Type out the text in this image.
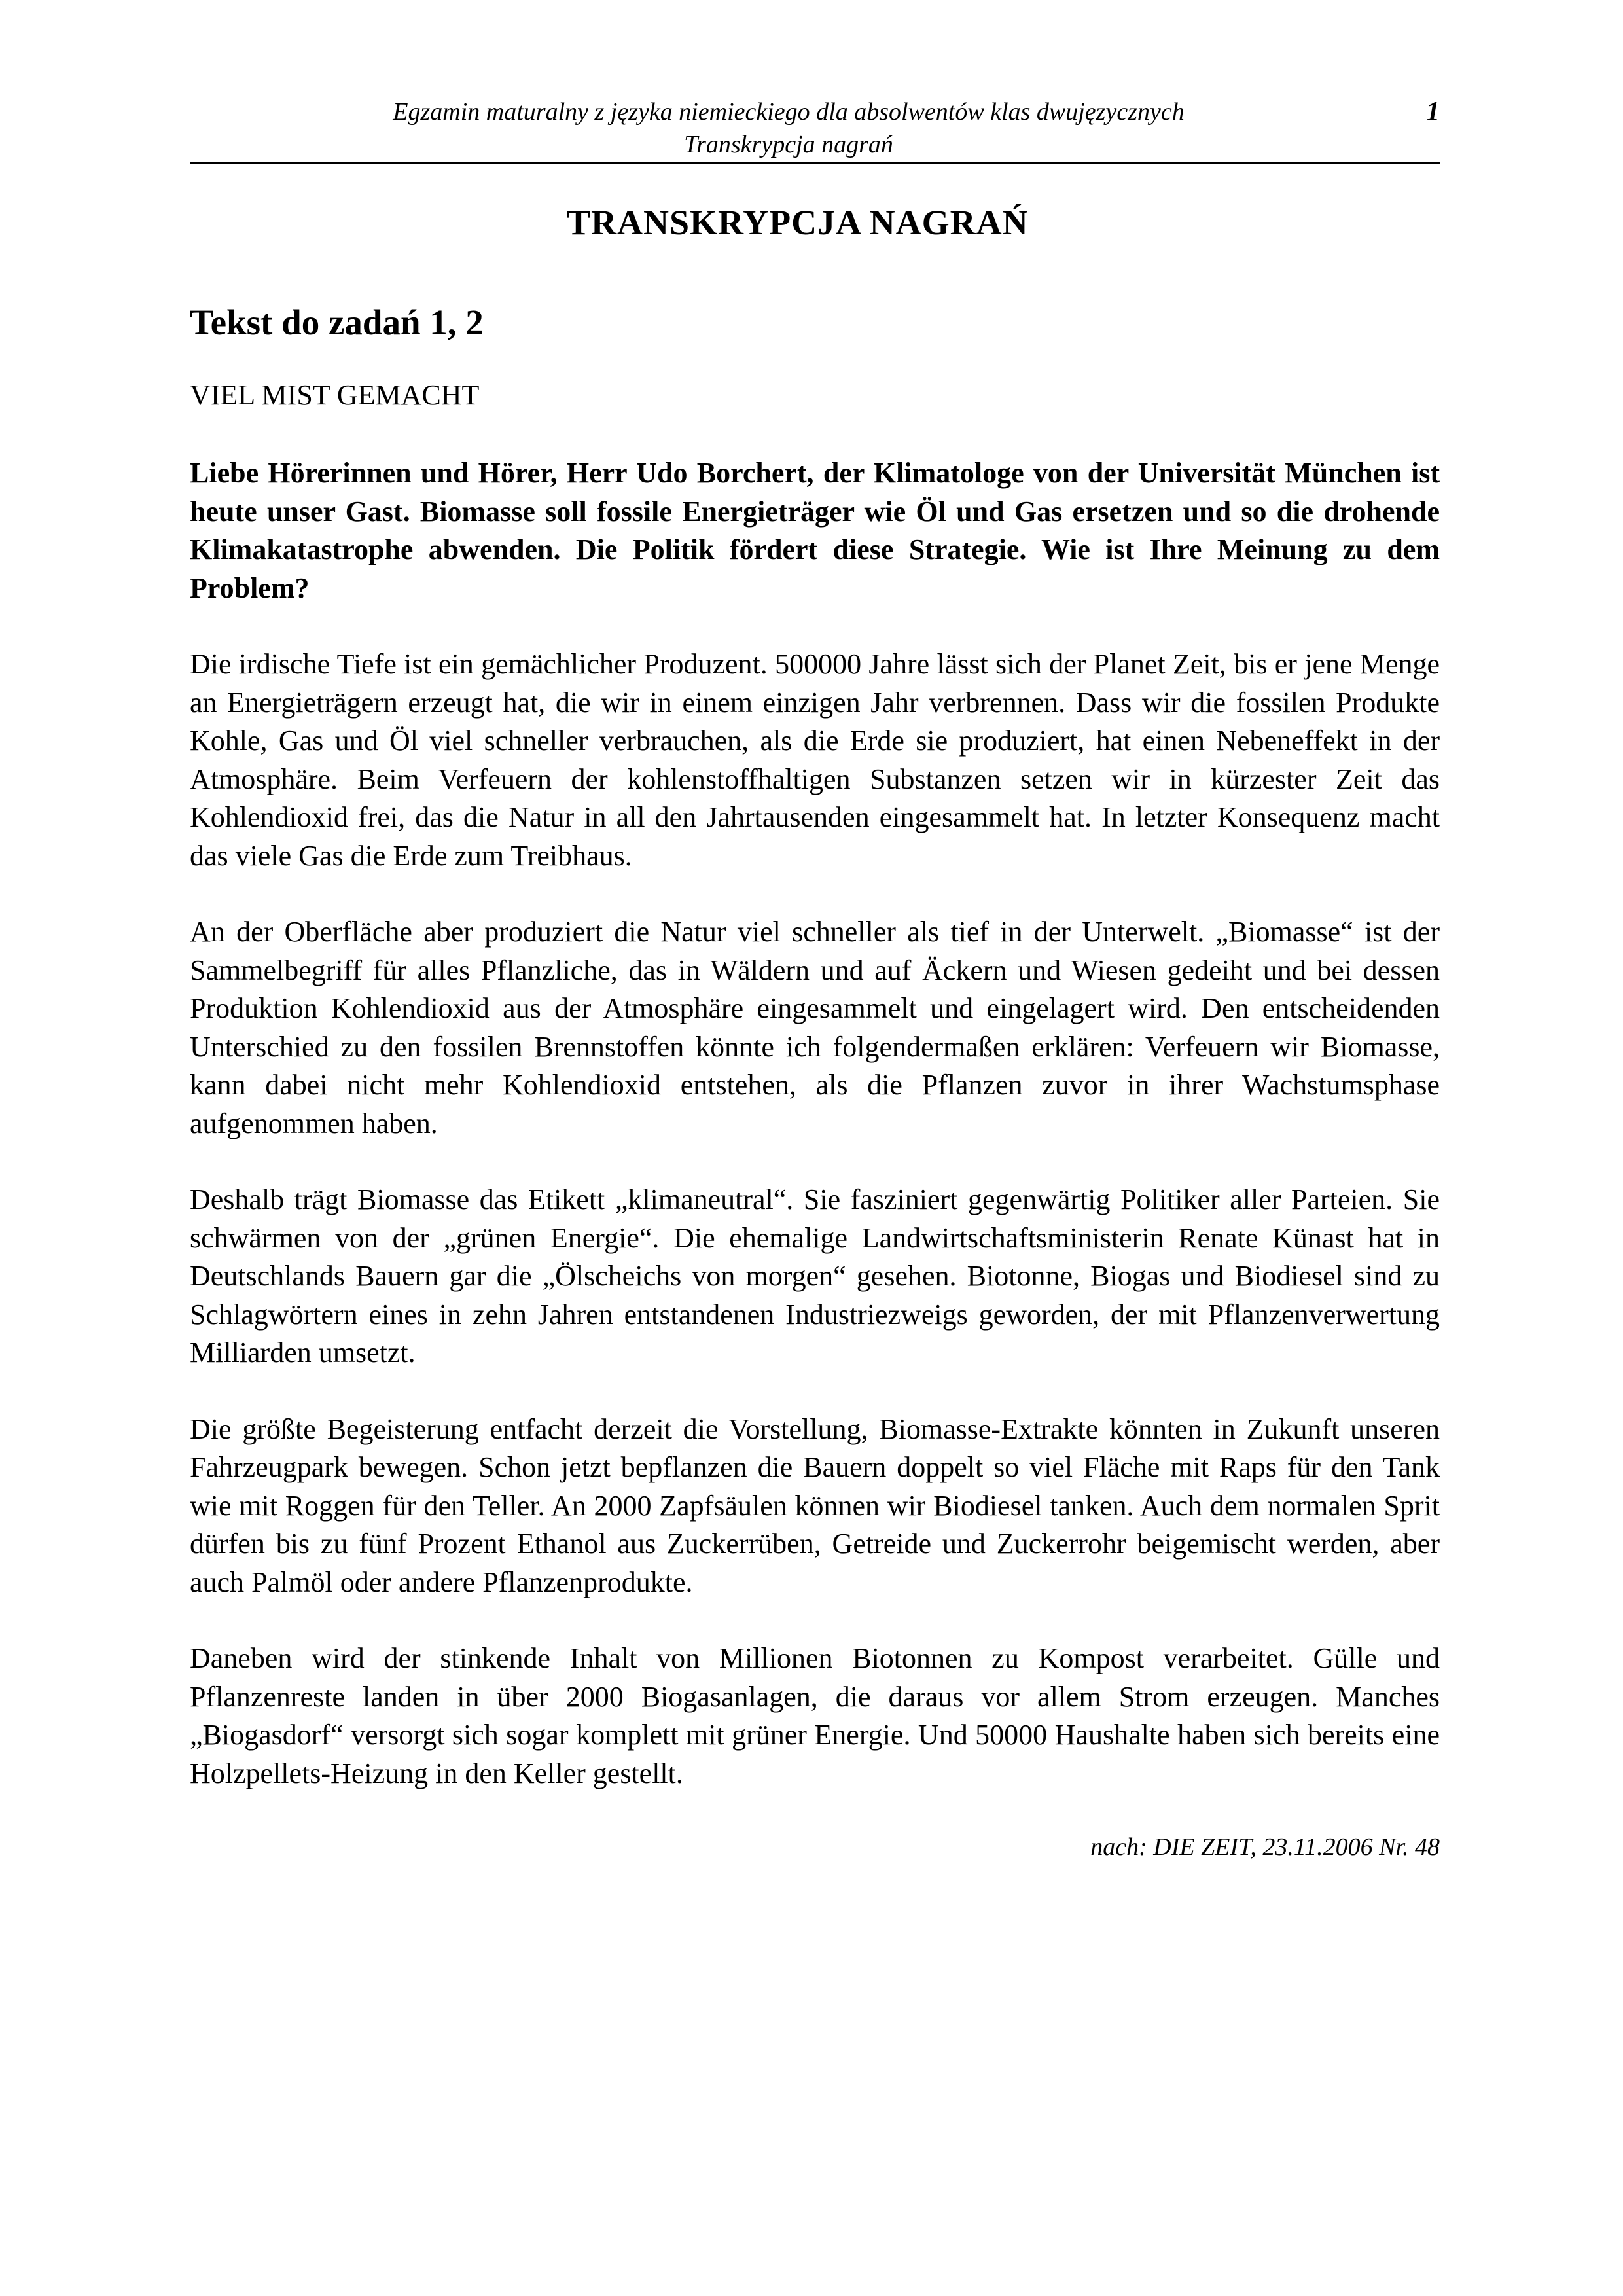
Egzamin maturalny z języka niemieckiego dla absolwentów klas dwujęzycznych
Transkrypcja nagrań
1
TRANSKRYPCJA NAGRAŃ
Tekst do zadań 1, 2

VIEL MIST GEMACHT

Liebe Hörerinnen und Hörer, Herr Udo Borchert, der Klimatologe von der Universität München ist heute unser Gast. Biomasse soll fossile Energieträger wie Öl und Gas ersetzen und so die drohende Klimakatastrophe abwenden. Die Politik fördert diese Strategie. Wie ist Ihre Meinung zu dem Problem?

Die irdische Tiefe ist ein gemächlicher Produzent. 500000 Jahre lässt sich der Planet Zeit, bis er jene Menge an Energieträgern erzeugt hat, die wir in einem einzigen Jahr verbrennen. Dass wir die fossilen Produkte Kohle, Gas und Öl viel schneller verbrauchen, als die Erde sie produziert, hat einen Nebeneffekt in der Atmosphäre. Beim Verfeuern der kohlenstoffhaltigen Substanzen setzen wir in kürzester Zeit das Kohlendioxid frei, das die Natur in all den Jahrtausenden eingesammelt hat. In letzter Konsequenz macht das viele Gas die Erde zum Treibhaus.

An der Oberfläche aber produziert die Natur viel schneller als tief in der Unterwelt. „Biomasse“ ist der Sammelbegriff für alles Pflanzliche, das in Wäldern und auf Äckern und Wiesen gedeiht und bei dessen Produktion Kohlendioxid aus der Atmosphäre eingesammelt und eingelagert wird. Den entscheidenden Unterschied zu den fossilen Brennstoffen könnte ich folgendermaßen erklären: Verfeuern wir Biomasse, kann dabei nicht mehr Kohlendioxid entstehen, als die Pflanzen zuvor in ihrer Wachstumsphase aufgenommen haben.

Deshalb trägt Biomasse das Etikett „klimaneutral“. Sie fasziniert gegenwärtig Politiker aller Parteien. Sie schwärmen von der „grünen Energie“. Die ehemalige Landwirtschaftsministerin Renate Künast hat in Deutschlands Bauern gar die „Ölscheichs von morgen“ gesehen. Biotonne, Biogas und Biodiesel sind zu Schlagwörtern eines in zehn Jahren entstandenen Industriezweigs geworden, der mit Pflanzenverwertung Milliarden umsetzt.

Die größte Begeisterung entfacht derzeit die Vorstellung, Biomasse-Extrakte könnten in Zukunft unseren Fahrzeugpark bewegen. Schon jetzt bepflanzen die Bauern doppelt so viel Fläche mit Raps für den Tank wie mit Roggen für den Teller. An 2000 Zapfsäulen können wir Biodiesel tanken. Auch dem normalen Sprit dürfen bis zu fünf Prozent Ethanol aus Zuckerrüben, Getreide und Zuckerrohr beigemischt werden, aber auch Palmöl oder andere Pflanzenprodukte.

Daneben wird der stinkende Inhalt von Millionen Biotonnen zu Kompost verarbeitet. Gülle und Pflanzenreste landen in über 2000 Biogasanlagen, die daraus vor allem Strom erzeugen. Manches „Biogasdorf“ versorgt sich sogar komplett mit grüner Energie. Und 50000 Haushalte haben sich bereits eine Holzpellets-Heizung in den Keller gestellt.

nach: DIE ZEIT, 23.11.2006 Nr. 48
